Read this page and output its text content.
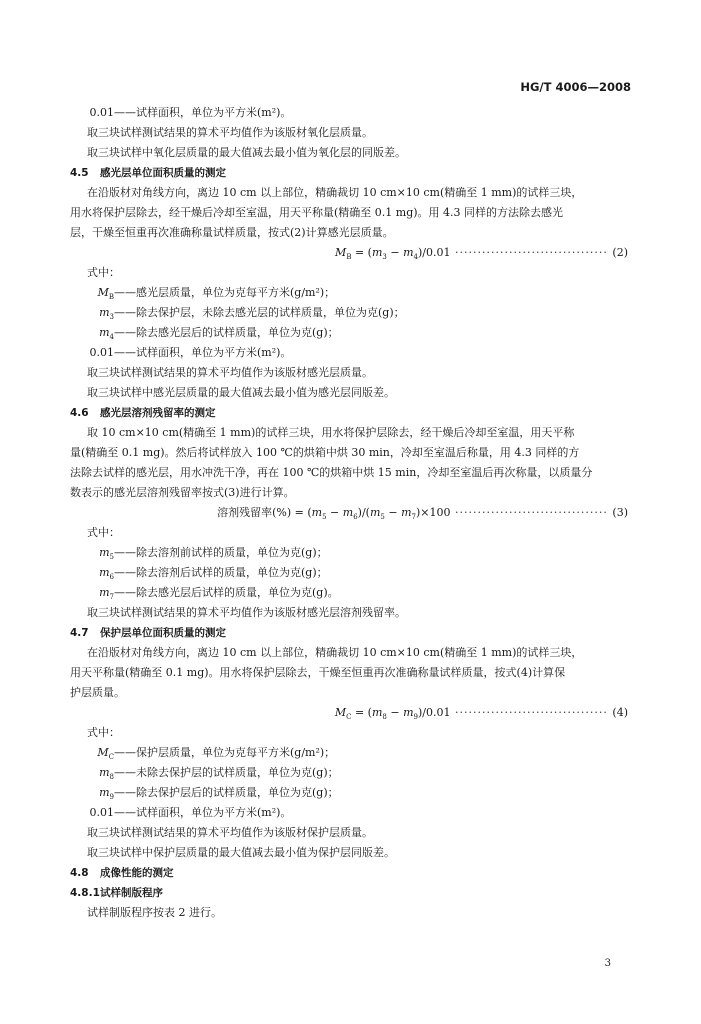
HG/T 4006—2008
0.01——试样面积，单位为平方米(m²)。
取三块试样测试结果的算术平均值作为该版材氧化层质量。
取三块试样中氧化层质量的最大值减去最小值为氧化层的同版差。
4.5 感光层单位面积质量的测定
在沿版材对角线方向，离边 10 cm 以上部位，精确裁切 10 cm×10 cm(精确至 1 mm)的试样三块，
用水将保护层除去，经干燥后冷却至室温，用天平称量(精确至 0.1 mg)。用 4.3 同样的方法除去感光
层，干燥至恒重再次准确称量试样质量，按式(2)计算感光层质量。
$M_B = (m_3 - m_4)/0.01$ ·································· (2)
式中：
$M_B——$感光层质量，单位为克每平方米(g/m²)；
$m_3——$除去保护层，未除去感光层的试样质量，单位为克(g)；
$m_4——$除去感光层后的试样质量，单位为克(g)；
0.01——试样面积，单位为平方米(m²)。
取三块试样测试结果的算术平均值作为该版材感光层质量。
取三块试样中感光层质量的最大值减去最小值为感光层同版差。
4.6 感光层溶剂残留率的测定
取 10 cm×10 cm(精确至 1 mm)的试样三块，用水将保护层除去，经干燥后冷却至室温，用天平称
量(精确至 0.1 mg)。然后将试样放入 100 ℃的烘箱中烘 30 min，冷却至室温后称量，用 4.3 同样的方
法除去试样的感光层，用水冲洗干净，再在 100 ℃的烘箱中烘 15 min，冷却至室温后再次称量，以质量分
数表示的感光层溶剂残留率按式(3)进行计算。
溶剂残留率(%) = $(m_5 - m_6)/(m_5 - m_7)\times 100$ ·································· (3)
式中：
$m_5——$除去溶剂前试样的质量，单位为克(g)；
$m_6——$除去溶剂后试样的质量，单位为克(g)；
$m_7——$除去感光层后试样的质量，单位为克(g)。
取三块试样测试结果的算术平均值作为该版材感光层溶剂残留率。
4.7 保护层单位面积质量的测定
在沿版材对角线方向，离边 10 cm 以上部位，精确裁切 10 cm×10 cm(精确至 1 mm)的试样三块，
用天平称量(精确至 0.1 mg)。用水将保护层除去，干燥至恒重再次准确称量试样质量，按式(4)计算保
护层质量。
$M_C = (m_8 - m_9)/0.01$ ·································· (4)
式中：
$M_C——$保护层质量，单位为克每平方米(g/m²)；
$m_8——$未除去保护层的试样质量，单位为克(g)；
$m_9——$除去保护层后的试样质量，单位为克(g)；
0.01——试样面积，单位为平方米(m²)。
取三块试样测试结果的算术平均值作为该版材保护层质量。
取三块试样中保护层质量的最大值减去最小值为保护层同版差。
4.8 成像性能的测定
4.8.1试样制版程序
试样制版程序按表 2 进行。
3
